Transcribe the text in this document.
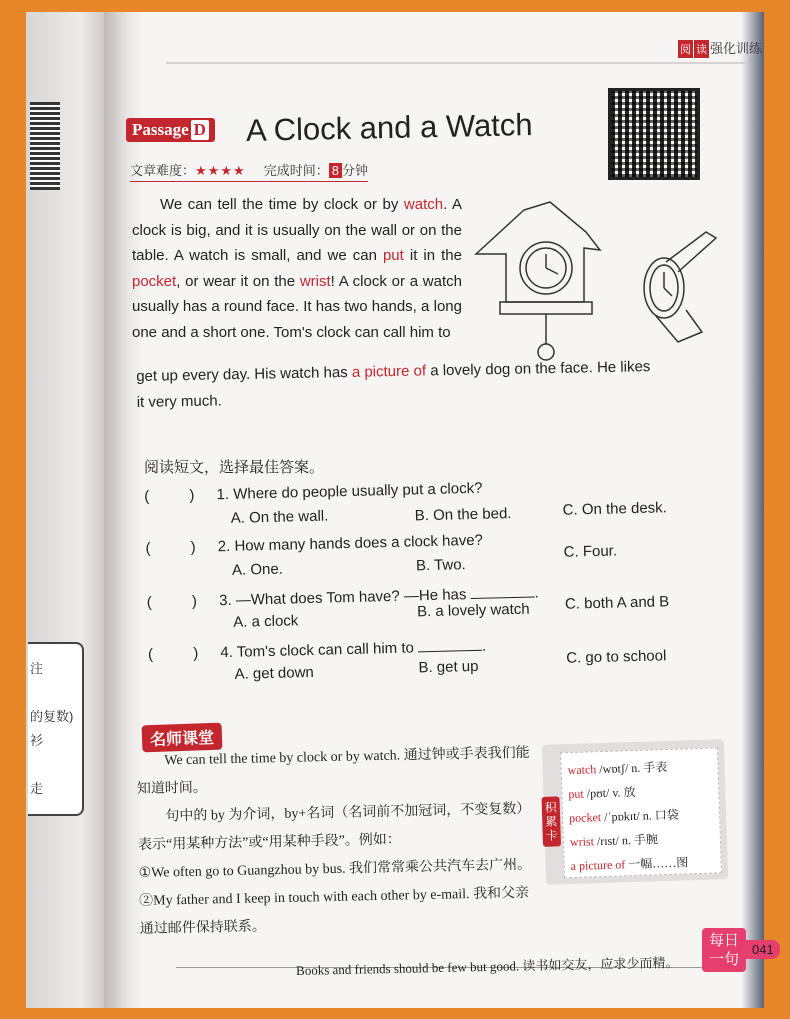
注
的复数)
衫
走
阅 读 强化训练
Passage D A Clock and a Watch
文章难度：★★★★ 完成时间： 8 分钟

We can tell the time by clock or by watch. A clock is big, and it is usually on the wall or on the table. A watch is small, and we can put it in the pocket, or wear it on the wrist! A clock or a watch usually has a round face. It has two hands, a long one and a short one. Tom's clock can call him to

get up every day. His watch has a picture of a lovely dog on the face. He likes
it very much.
阅读短文，选择最佳答案。
( ) 1. Where do people usually put a clock?
A. On the wall.	B. On the bed.	C. On the desk.
( ) 2. How many hands does a clock have?
A. One.	B. Two.
C. Four.
( ) 3. —What does Tom have? —He has	.
A. a clock
B. a lovely watch C. both A and B
( ) 4. Tom's clock can call him to	.
A. get down	B. get up
C. go to school
名师课堂

We can tell the time by clock or by watch. 通过钟或手表我们能知道时间。

句中的 by 为介词，by+名词（名词前不加冠词，不变复数）表示“用某种方法”或“用某种手段”。例如：

①We often go to Guangzhou by bus. 我们常常乘公共汽车去广州。②My father and I keep in touch with each other by e-mail. 我和父亲通过邮件保持联系。

积累卡
watch /wɒtʃ/ n. 手表
put /pʊt/ v. 放
pocket /ˈpɒkɪt/ n. 口袋
wrist /rɪst/ n. 手腕
a picture of 一幅……图
Books and friends should be few but good. 读书如交友，应求少而精。
每日
一句
041
